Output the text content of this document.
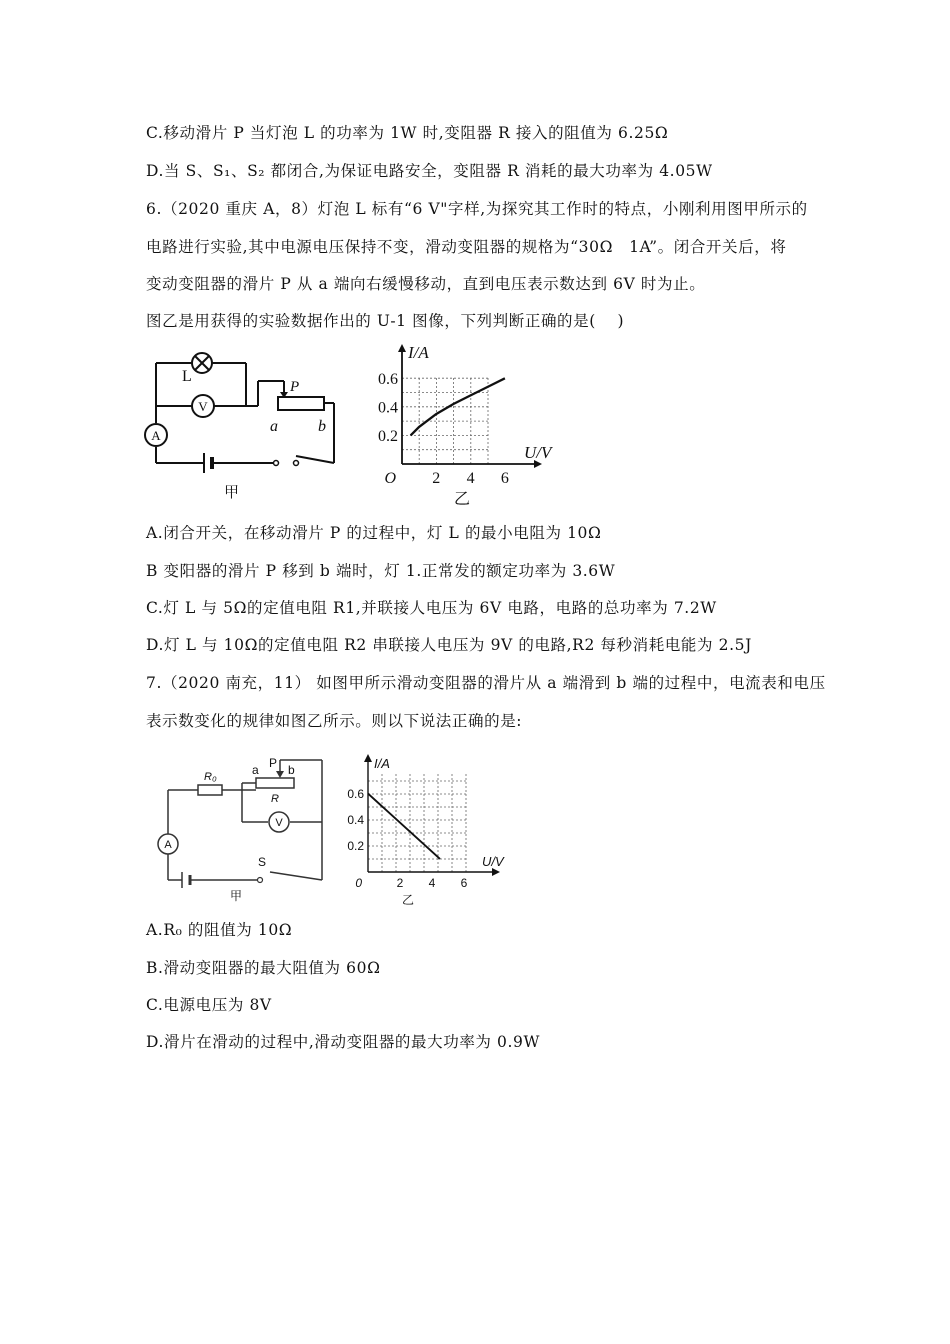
C.移动滑片 P 当灯泡 L 的功率为 1W 时,变阻器 R 接入的阻值为 6.25Ω
D.当 S、S₁、S₂ 都闭合,为保证电路安全，变阻器 R 消耗的最大功率为 4.05W
6.（2020 重庆 A，8）灯泡 L 标有“6 V"字样,为探究其工作时的特点，小刚利用图甲所示的
电路进行实验,其中电源电压保持不变，滑动变阻器的规格为“30Ω　1A”。闭合开关后，将
变动变阻器的滑片 P 从 a 端向右缓慢移动，直到电压表示数达到 6V 时为止。
图乙是用获得的实验数据作出的 U-1 图像，下列判断正确的是(　 )
V
A
L
P
a	b
甲
0.2
0.4
0.6
2 4 6
O
I/A
U/V
乙
A.闭合开关，在移动滑片 P 的过程中，灯 L 的最小电阻为 10Ω
B 变阳器的滑片 P 移到 b 端时，灯 1.正常发的额定功率为 3.6W
C.灯 L 与 5Ω的定值电阻 R1,并联接人电压为 6V 电路，电路的总功率为 7.2W
D.灯 L 与 10Ω的定值电阻 R2 串联接人电压为 9V 的电路,R2 每秒消耗电能为 2.5J
7.（2020 南充，11） 如图甲所示滑动变阻器的滑片从 a 端滑到 b 端的过程中，电流表和电压
表示数变化的规律如图乙所示。则以下说法正确的是:
A
V
R₀
R
P
a b
S
甲
0.2
0.4
0.6
2 4 6
0
I/A
U/V
乙
A.R₀ 的阻值为 10Ω
B.滑动变阻器的最大阻值为 60Ω
C.电源电压为 8V
D.滑片在滑动的过程中,滑动变阻器的最大功率为 0.9W
